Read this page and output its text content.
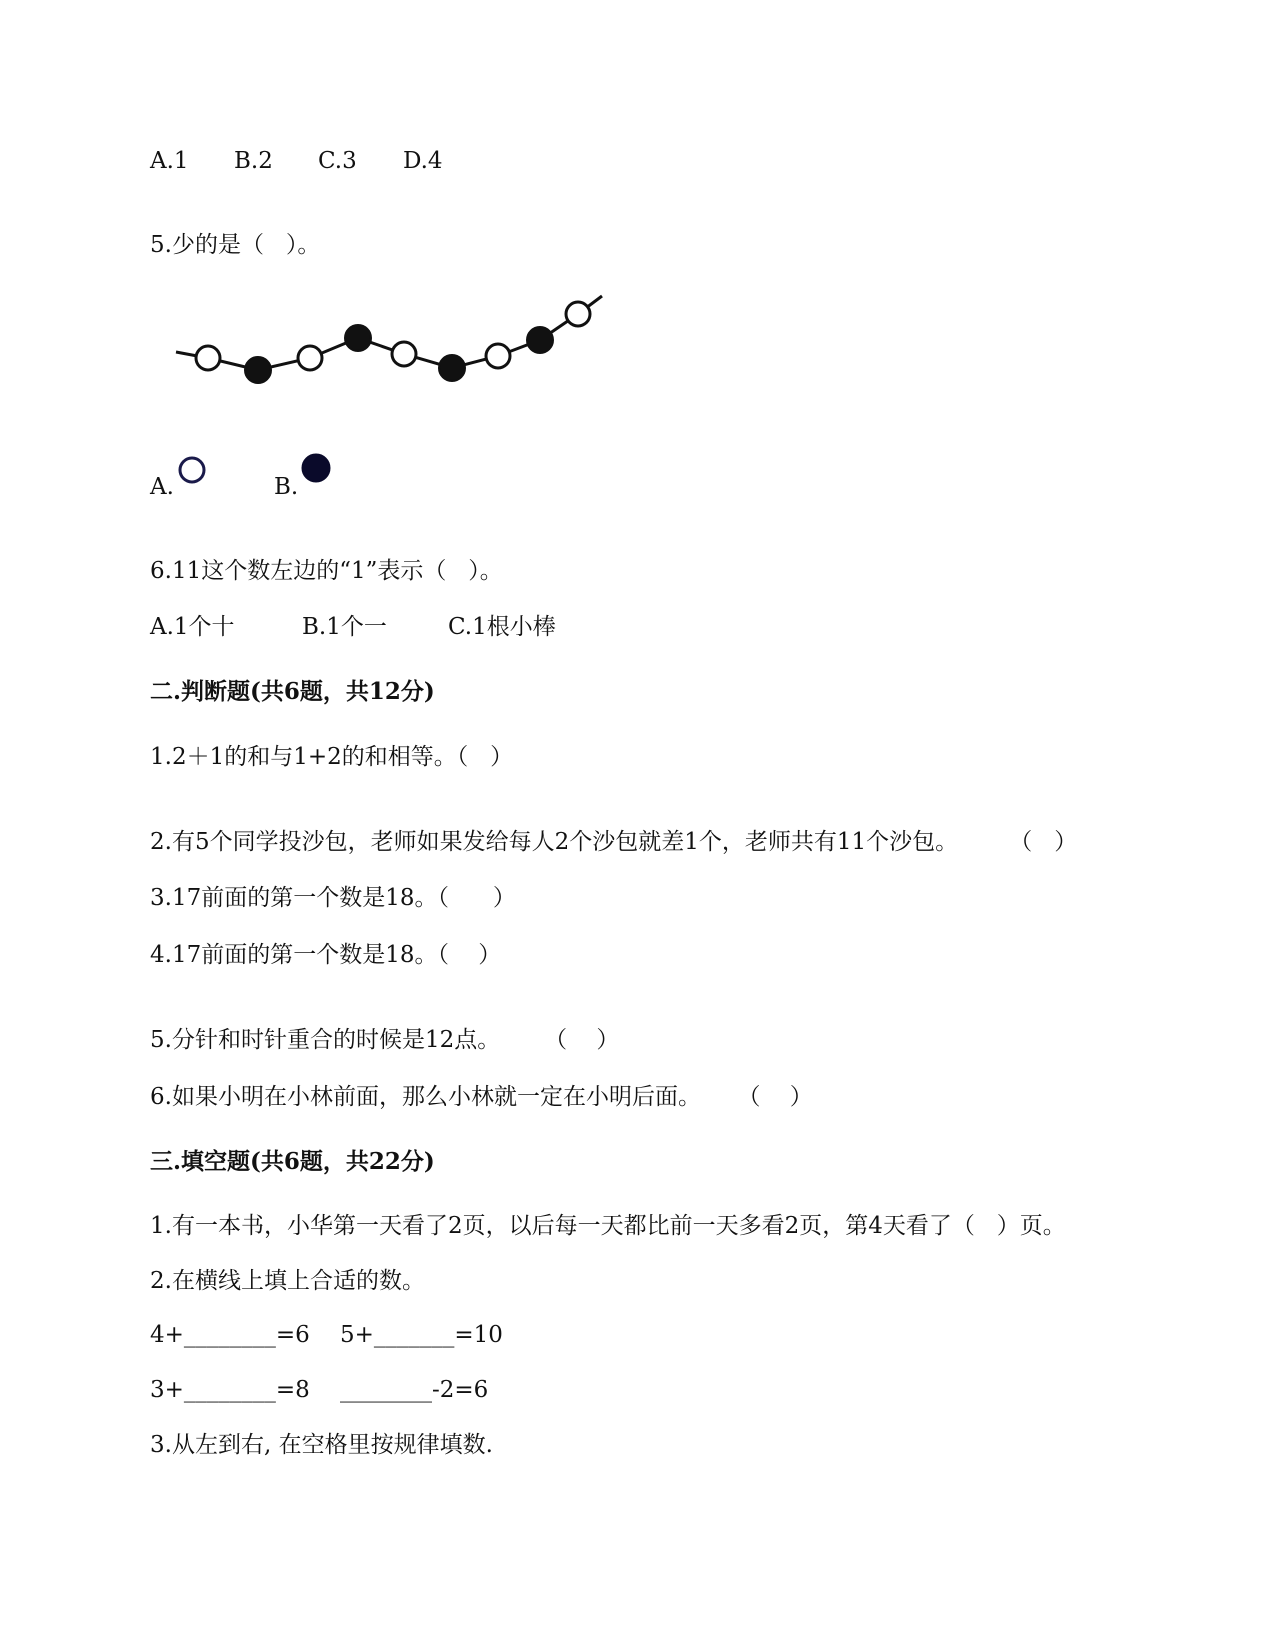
A.1 B.2 C.3 D.4
5.少的是（   ）。
A.	B.
6.11这个数左边的“1”表示（   ）。
A.1个十	B.1个一	C.1根小棒
二.判断题(共6题，共12分)
1.2＋1的和与1+2的和相等。（   ）
2.有5个同学投沙包，老师如果发给每人2个沙包就差1个，老师共有11个沙包。       （   ）
3.17前面的第一个数是18。（      ）
4.17前面的第一个数是18。（    ）
5.分针和时针重合的时候是12点。      （    ）
6.如果小明在小林前面，那么小林就一定在小明后面。     （    ）
三.填空题(共6题，共22分)
1.有一本书，小华第一天看了2页，以后每一天都比前一天多看2页，第4天看了（   ）页。
2.在横线上填上合适的数。
4+________=6 5+_______=10
3+________=8 ________-2=6
3.从左到右, 在空格里按规律填数.
